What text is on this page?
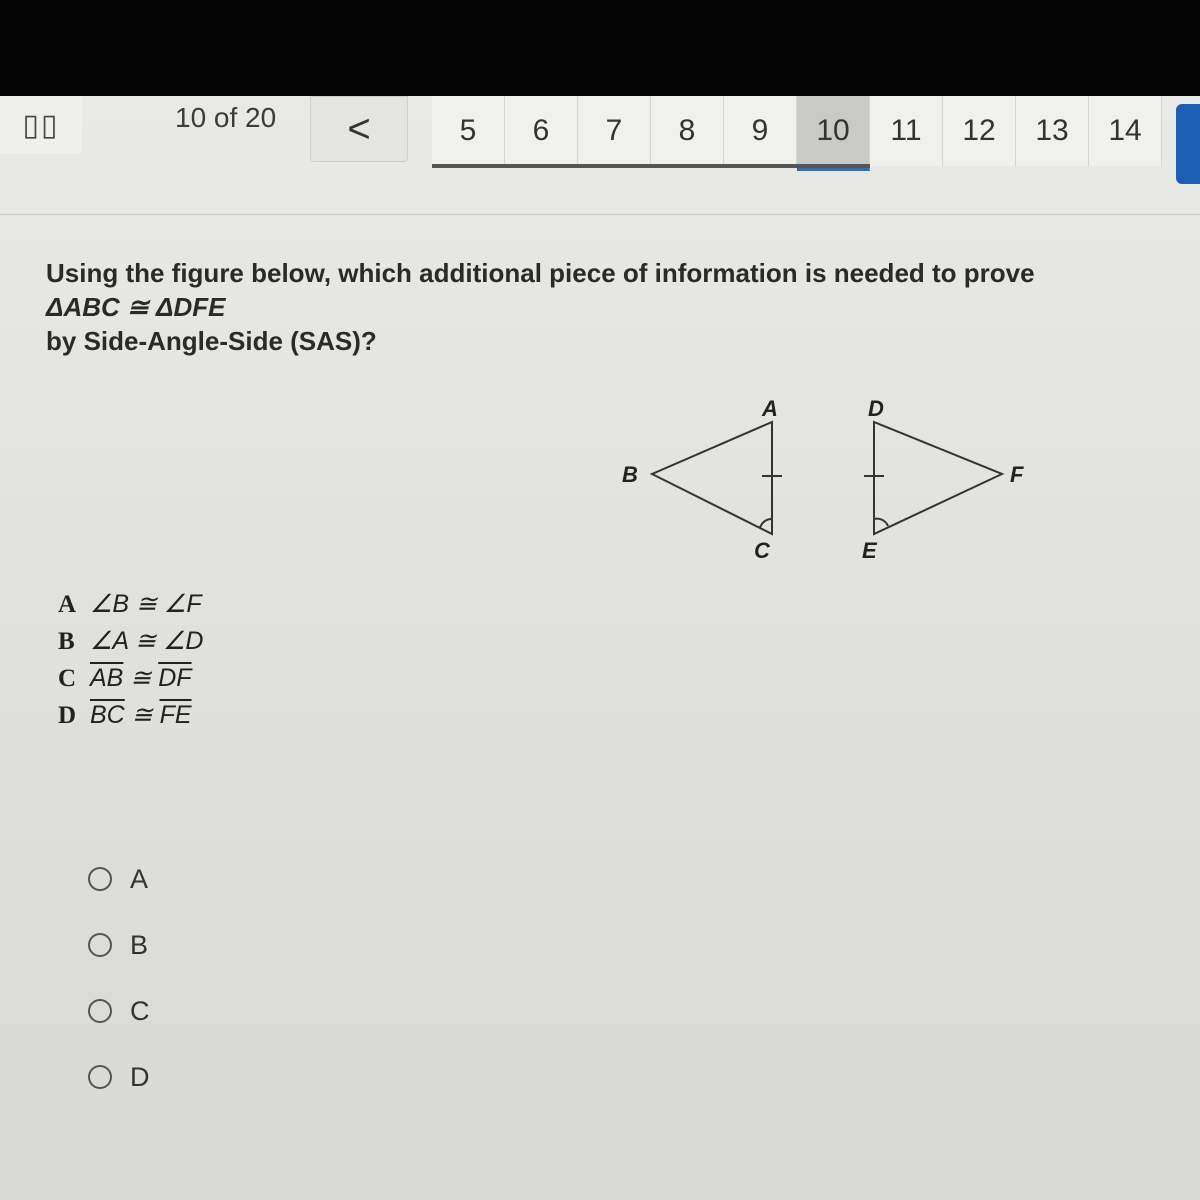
▯▯	10 of 20 <	5	6	7	8	9	10	11	12	13	14
Using the figure below, which additional piece of information is needed to prove
ΔABC ≅ ΔDFE
by Side-Angle-Side (SAS)?
A
B
C
D
E
F
A ∠B ≅ ∠F
B ∠A ≅ ∠D
C $\overline{AB}$ ≅ $\overline{DF}$
D $\overline{BC}$ ≅ $\overline{FE}$
A
B
C
D
